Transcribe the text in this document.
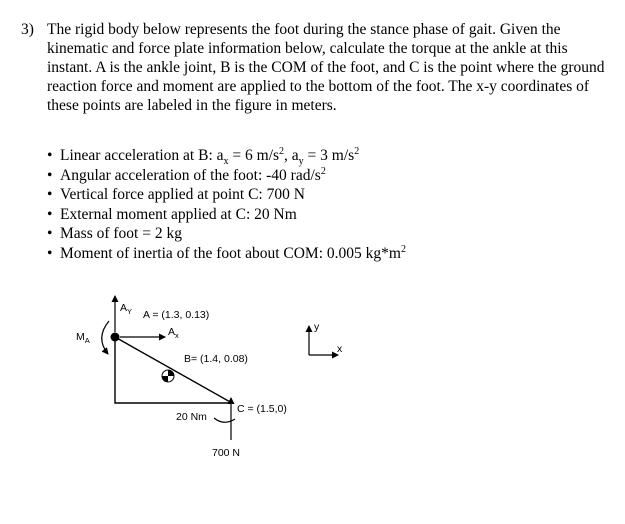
3) The rigid body below represents the foot during the stance phase of gait. Given the kinematic and force plate information below, calculate the torque at the ankle at this instant. A is the ankle joint, B is the COM of the foot, and C is the point where the ground reaction force and moment are applied to the bottom of the foot. The x-y coordinates of these points are labeled in the figure in meters.
• Linear acceleration at B: $a_x = 6$ $m/s^2$, $a_y = 3$ $m/s^2$
• Angular acceleration of the foot: -40 rad/$s^2$
• Vertical force applied at point C: 700 N
• External moment applied at C: 20 Nm
• Mass of foot = 2 kg
• Moment of inertia of the foot about COM: 0.005 $kg*m^2$
$A_Y$ A = (1.3, 0.13)
$A_x$
$M_A$
B= (1.4, 0.08)
C = (1.5,0)
20 Nm
700 N
y
x
